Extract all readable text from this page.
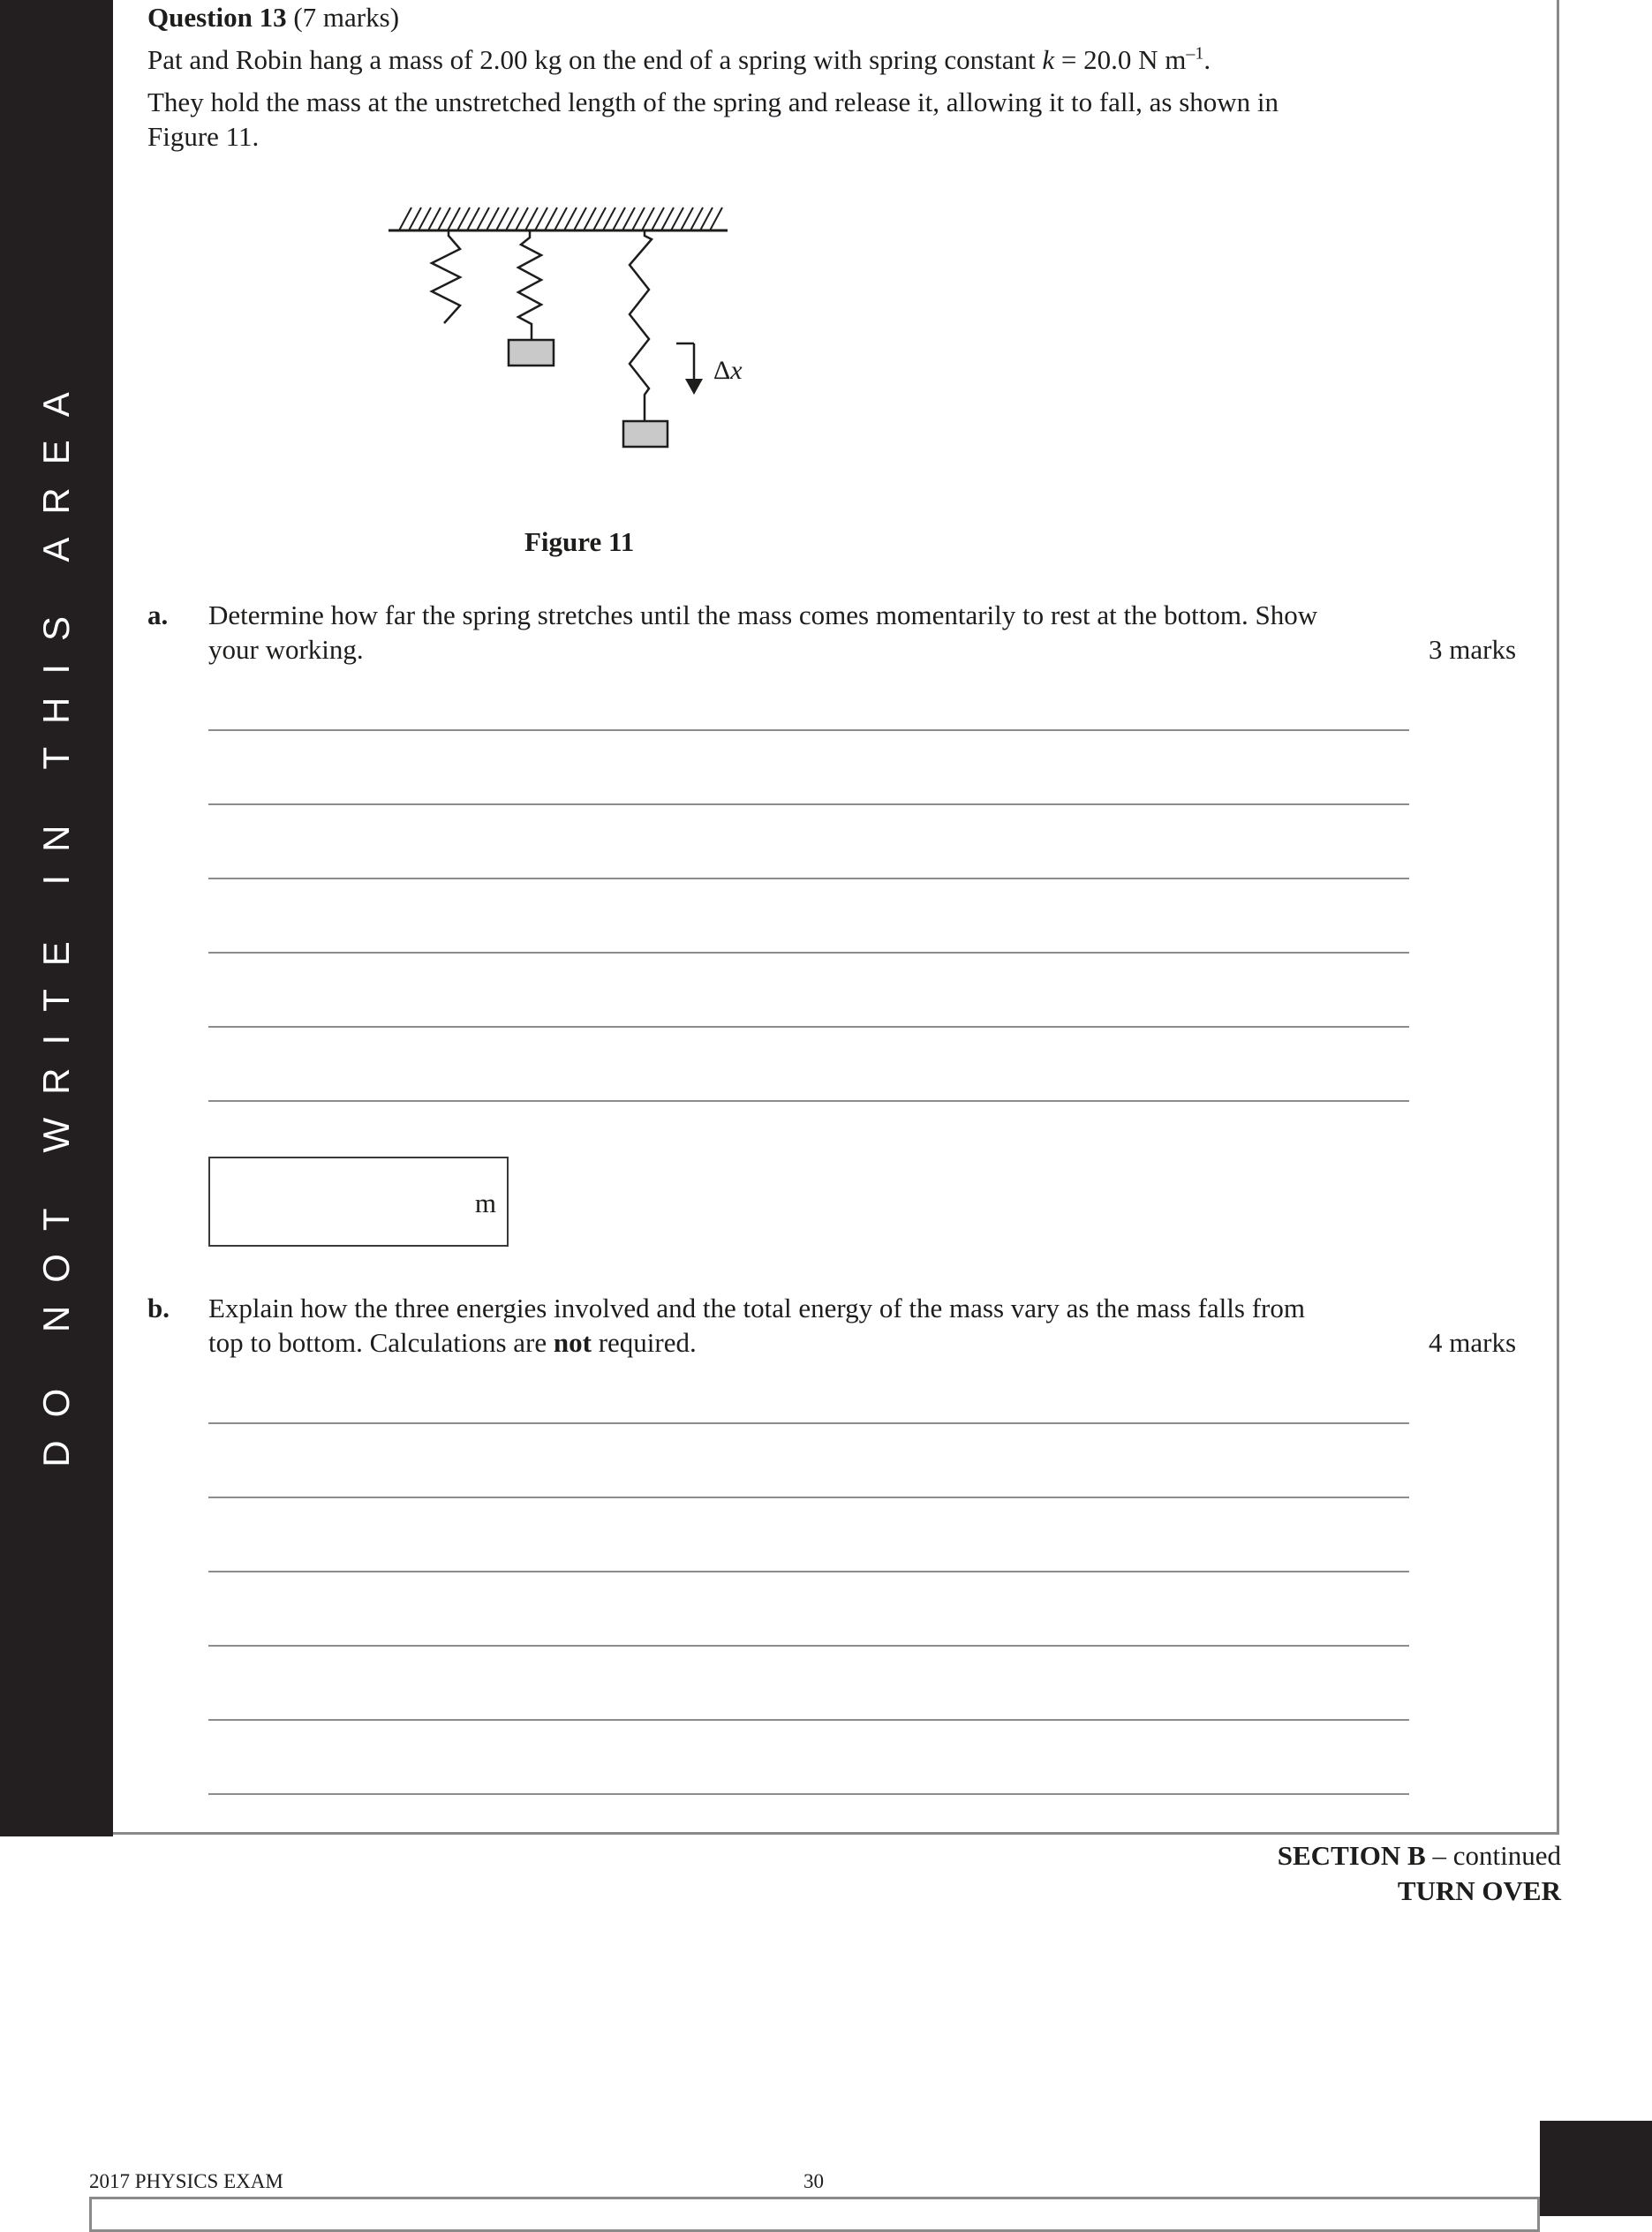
DO NOT WRITE IN THIS AREA
Question 13 (7 marks)
Pat and Robin hang a mass of 2.00 kg on the end of a spring with spring constant k = 20.0 N $m^{-1}$.
They hold the mass at the unstretched length of the spring and release it, allowing it to fall, as shown in
Figure 11.
Δx
Figure 11
a. Determine how far the spring stretches until the mass comes momentarily to rest at the bottom. Show
your working.	3 marks
m
b. Explain how the three energies involved and the total energy of the mass vary as the mass falls from
top to bottom. Calculations are not required.	4 marks
SECTION B – continued
TURN OVER
2017 PHYSICS EXAM	30
